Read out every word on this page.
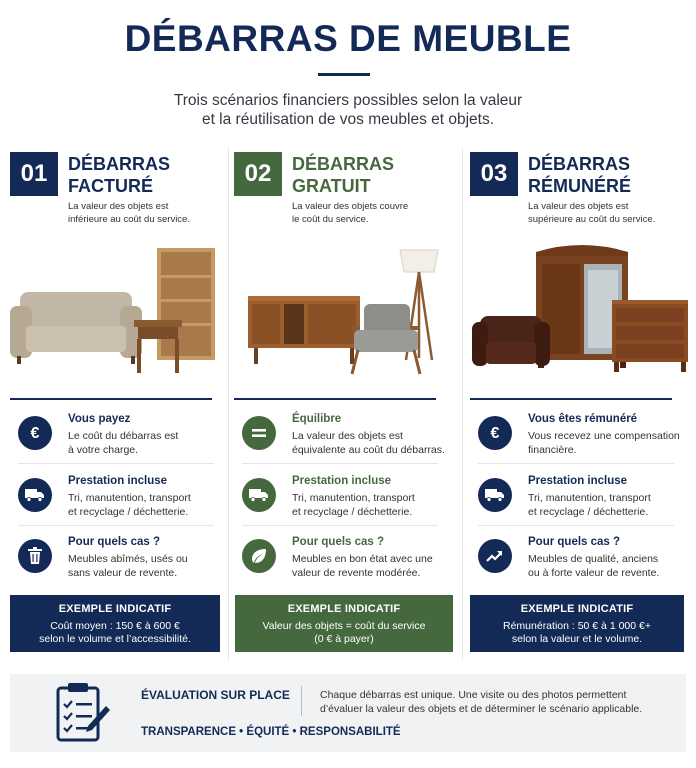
DÉBARRAS DE MEUBLE

Trois scénarios financiers possibles selon la valeur
et la réutilisation de vos meubles et objets.

01	DÉBARRAS
FACTURÉ
La valeur des objets est
inférieure au coût du service.
€
Vous payez
Le coût du débarras est
à votre charge.
Prestation incluse
Tri, manutention, transport
et recyclage / déchetterie.
Pour quels cas ?
Meubles abîmés, usés ou
sans valeur de revente.
02	DÉBARRAS
GRATUIT
La valeur des objets couvre
le coût du service.
Équilibre
La valeur des objets est
équivalente au coût du débarras.
Prestation incluse
Tri, manutention, transport
et recyclage / déchetterie.
Pour quels cas ?
Meubles en bon état avec une
valeur de revente modérée.
03	DÉBARRAS
RÉMUNÉRÉ
La valeur des objets est
supérieure au coût du service.
€
Vous êtes rémunéré
Vous recevez une compensation
financière.
Prestation incluse
Tri, manutention, transport
et recyclage / déchetterie.
Pour quels cas ?
Meubles de qualité, anciens
ou à forte valeur de revente.
EXEMPLE INDICATIF
Coût moyen : 150 € à 600 €
selon le volume et l’accessibilité.
EXEMPLE INDICATIF
Valeur des objets = coût du service
(0 € à payer)
EXEMPLE INDICATIF
Rémunération : 50 € à 1 000 €+
selon la valeur et le volume.
ÉVALUATION SUR PLACE	Chaque débarras est unique. Une visite ou des photos permettent
d’évaluer la valeur des objets et de déterminer le scénario applicable.
TRANSPARENCE • ÉQUITÉ • RESPONSABILITÉ
